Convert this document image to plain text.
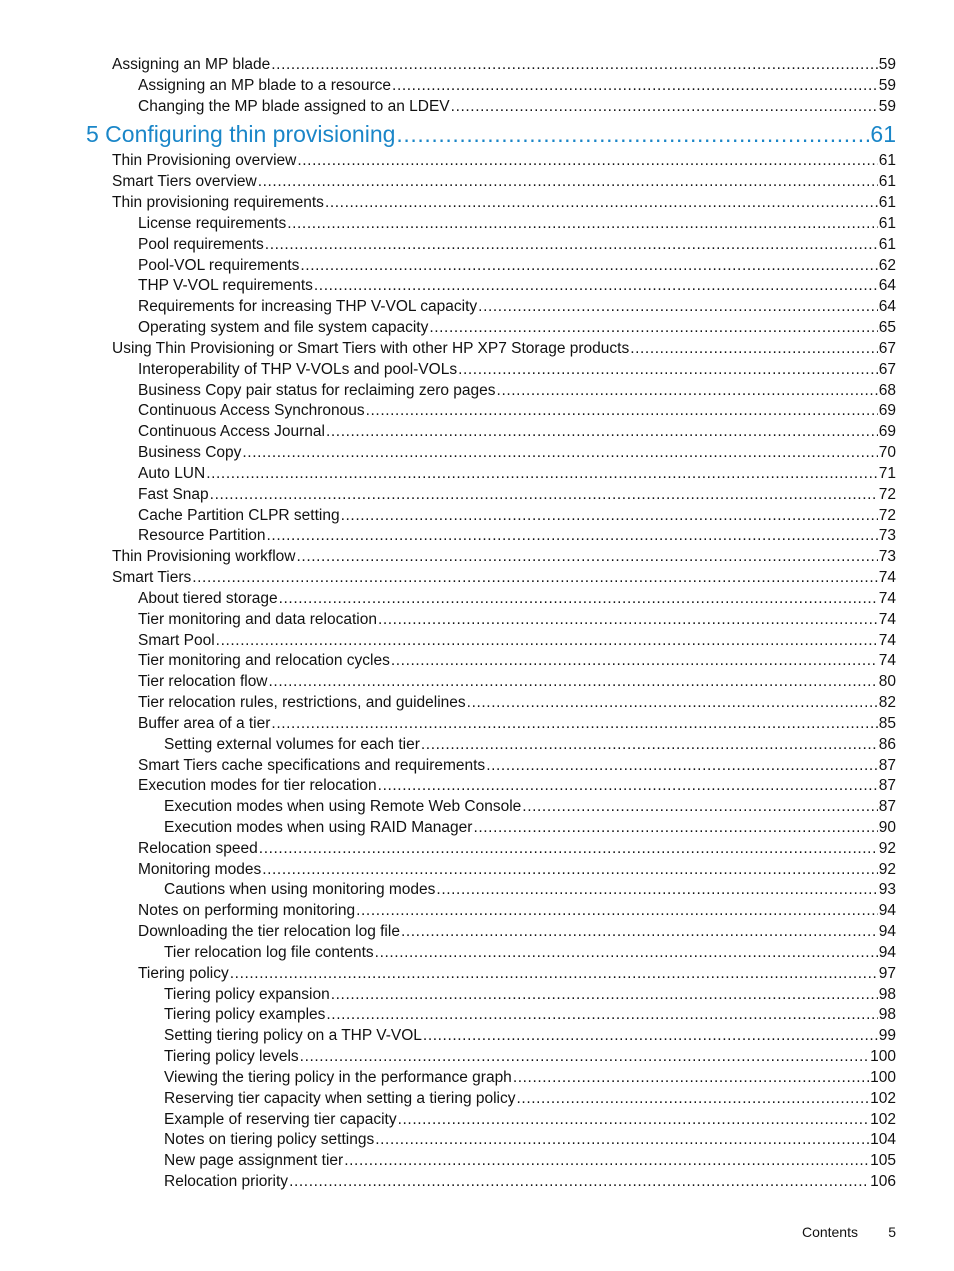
Assigning an MP blade .....	59
Assigning an MP blade to a resource .....	59
Changing the MP blade assigned to an LDEV .....	59
5 Configuring thin provisioning .....	61
Thin Provisioning overview .....	61
Smart Tiers overview .....	61
Thin provisioning requirements .....	61
License requirements .....	61
Pool requirements .....	61
Pool-VOL requirements .....	62
THP V-VOL requirements .....	64
Requirements for increasing THP V-VOL capacity .....	64
Operating system and file system capacity .....	65
Using Thin Provisioning or Smart Tiers with other HP XP7 Storage products .....	67
Interoperability of THP V-VOLs and pool-VOLs .....	67
Business Copy pair status for reclaiming zero pages .....	68
Continuous Access Synchronous .....	69
Continuous Access Journal .....	69
Business Copy .....	70
Auto LUN .....	71
Fast Snap .....	72
Cache Partition CLPR setting .....	72
Resource Partition .....	73
Thin Provisioning workflow .....	73
Smart Tiers .....	74
About tiered storage .....	74
Tier monitoring and data relocation .....	74
Smart Pool .....	74
Tier monitoring and relocation cycles .....	74
Tier relocation flow .....	80
Tier relocation rules, restrictions, and guidelines .....	82
Buffer area of a tier .....	85
Setting external volumes for each tier .....	86
Smart Tiers cache specifications and requirements .....	87
Execution modes for tier relocation .....	87
Execution modes when using Remote Web Console .....	87
Execution modes when using RAID Manager .....	90
Relocation speed .....	92
Monitoring modes .....	92
Cautions when using monitoring modes .....	93
Notes on performing monitoring .....	94
Downloading the tier relocation log file .....	94
Tier relocation log file contents .....	94
Tiering policy .....	97
Tiering policy expansion .....	98
Tiering policy examples .....	98
Setting tiering policy on a THP V-VOL .....	99
Tiering policy levels .....	100
Viewing the tiering policy in the performance graph .....	100
Reserving tier capacity when setting a tiering policy .....	102
Example of reserving tier capacity .....	102
Notes on tiering policy settings .....	104
New page assignment tier .....	105
Relocation priority .....	106
Contents 5
